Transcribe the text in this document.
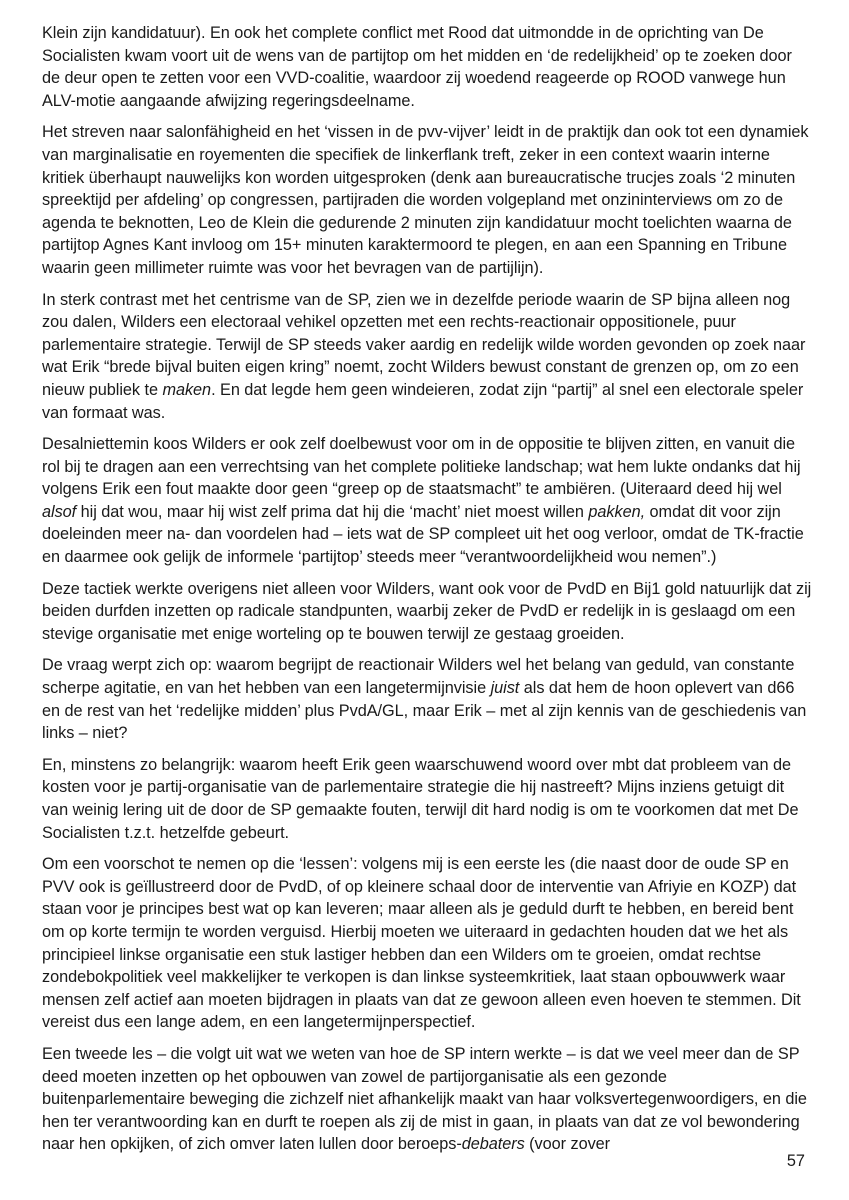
Klein zijn kandidatuur). En ook het complete conflict met Rood dat uitmondde in de oprichting van De Socialisten kwam voort uit de wens van de partijtop om het midden en ‘de redelijkheid’ op te zoeken door de deur open te zetten voor een VVD-coalitie, waardoor zij woedend reageerde op ROOD vanwege hun ALV-motie aangaande afwijzing regeringsdeelname.

Het streven naar salonfähigheid en het ‘vissen in de pvv-vijver’ leidt in de praktijk dan ook tot een dynamiek van marginalisatie en royementen die specifiek de linkerflank treft, zeker in een context waarin interne kritiek überhaupt nauwelijks kon worden uitgesproken (denk aan bureaucratische trucjes zoals ‘2 minuten spreektijd per afdeling’ op congressen, partijraden die worden volgepland met onzininterviews om zo de agenda te beknotten, Leo de Klein die gedurende 2 minuten zijn kandidatuur mocht toelichten waarna de partijtop Agnes Kant invloog om 15+ minuten karaktermoord te plegen, en aan een Spanning en Tribune waarin geen millimeter ruimte was voor het bevragen van de partijlijn).

In sterk contrast met het centrisme van de SP, zien we in dezelfde periode waarin de SP bijna alleen nog zou dalen, Wilders een electoraal vehikel opzetten met een rechts-reactionair oppositionele, puur parlementaire strategie. Terwijl de SP steeds vaker aardig en redelijk wilde worden gevonden op zoek naar wat Erik “brede bijval buiten eigen kring” noemt, zocht Wilders bewust constant de grenzen op, om zo een nieuw publiek te maken. En dat legde hem geen windeieren, zodat zijn “partij” al snel een electorale speler van formaat was.

Desalniettemin koos Wilders er ook zelf doelbewust voor om in de oppositie te blijven zitten, en vanuit die rol bij te dragen aan een verrechtsing van het complete politieke landschap; wat hem lukte ondanks dat hij volgens Erik een fout maakte door geen “greep op de staatsmacht” te ambiëren. (Uiteraard deed hij wel alsof hij dat wou, maar hij wist zelf prima dat hij die ‘macht’ niet moest willen pakken, omdat dit voor zijn doeleinden meer na- dan voordelen had – iets wat de SP compleet uit het oog verloor, omdat de TK-fractie en daarmee ook gelijk de informele ‘partijtop’ steeds meer “verantwoordelijkheid wou nemen”.)

Deze tactiek werkte overigens niet alleen voor Wilders, want ook voor de PvdD en Bij1 gold natuurlijk dat zij beiden durfden inzetten op radicale standpunten, waarbij zeker de PvdD er redelijk in is geslaagd om een stevige organisatie met enige worteling op te bouwen terwijl ze gestaag groeiden.

De vraag werpt zich op: waarom begrijpt de reactionair Wilders wel het belang van geduld, van constante scherpe agitatie, en van het hebben van een langetermijnvisie juist als dat hem de hoon oplevert van d66 en de rest van het ‘redelijke midden’ plus PvdA/GL, maar Erik – met al zijn kennis van de geschiedenis van links – niet?

En, minstens zo belangrijk: waarom heeft Erik geen waarschuwend woord over mbt dat probleem van de kosten voor je partij-organisatie van de parlementaire strategie die hij nastreeft? Mijns inziens getuigt dit van weinig lering uit de door de SP gemaakte fouten, terwijl dit hard nodig is om te voorkomen dat met De Socialisten t.z.t. hetzelfde gebeurt.

Om een voorschot te nemen op die ‘lessen’: volgens mij is een eerste les (die naast door de oude SP en PVV ook is geïllustreerd door de PvdD, of op kleinere schaal door de interventie van Afriyie en KOZP) dat staan voor je principes best wat op kan leveren; maar alleen als je geduld durft te hebben, en bereid bent om op korte termijn te worden verguisd. Hierbij moeten we uiteraard in gedachten houden dat we het als principieel linkse organisatie een stuk lastiger hebben dan een Wilders om te groeien, omdat rechtse zondebokpolitiek veel makkelijker te verkopen is dan linkse systeemkritiek, laat staan opbouwwerk waar mensen zelf actief aan moeten bijdragen in plaats van dat ze gewoon alleen even hoeven te stemmen. Dit vereist dus een lange adem, en een langetermijnperspectief.

Een tweede les – die volgt uit wat we weten van hoe de SP intern werkte – is dat we veel meer dan de SP deed moeten inzetten op het opbouwen van zowel de partijorganisatie als een gezonde buitenparlementaire beweging die zichzelf niet afhankelijk maakt van haar volksvertegenwoordigers, en die hen ter verantwoording kan en durft te roepen als zij de mist in gaan, in plaats van dat ze vol bewondering naar hen opkijken, of zich omver laten lullen door beroeps-debaters (voor zover

57
